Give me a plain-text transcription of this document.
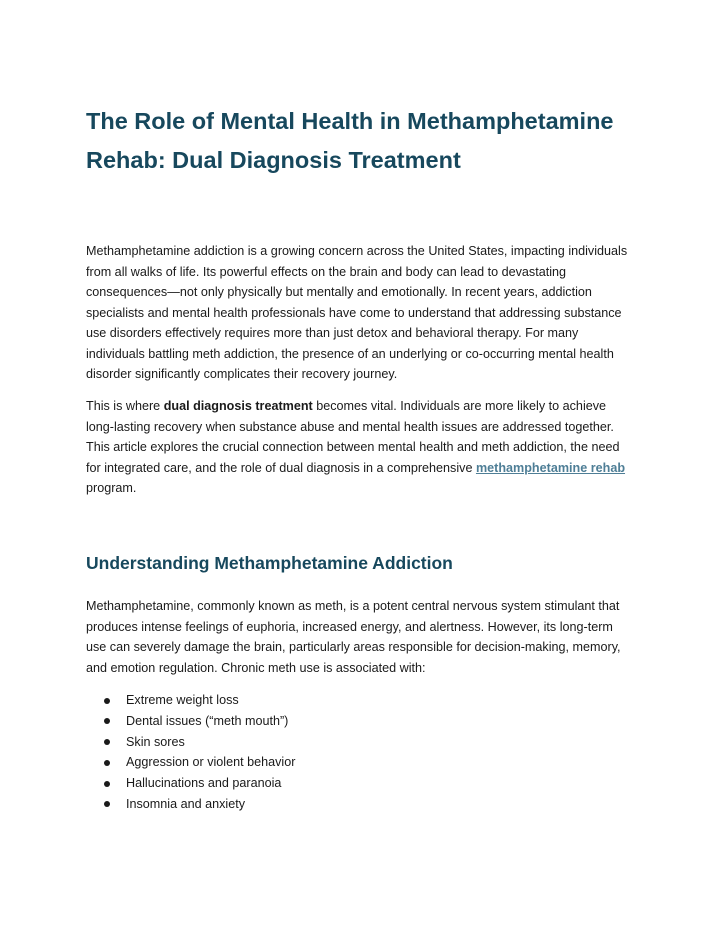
The Role of Mental Health in Methamphetamine Rehab: Dual Diagnosis Treatment

Methamphetamine addiction is a growing concern across the United States, impacting individuals from all walks of life. Its powerful effects on the brain and body can lead to devastating consequences—not only physically but mentally and emotionally. In recent years, addiction specialists and mental health professionals have come to understand that addressing substance use disorders effectively requires more than just detox and behavioral therapy. For many individuals battling meth addiction, the presence of an underlying or co-occurring mental health disorder significantly complicates their recovery journey.

This is where dual diagnosis treatment becomes vital. Individuals are more likely to achieve long-lasting recovery when substance abuse and mental health issues are addressed together. This article explores the crucial connection between mental health and meth addiction, the need for integrated care, and the role of dual diagnosis in a comprehensive methamphetamine rehab program.

Understanding Methamphetamine Addiction

Methamphetamine, commonly known as meth, is a potent central nervous system stimulant that produces intense feelings of euphoria, increased energy, and alertness. However, its long-term use can severely damage the brain, particularly areas responsible for decision-making, memory, and emotion regulation. Chronic meth use is associated with:

Extreme weight loss
Dental issues (“meth mouth”)
Skin sores
Aggression or violent behavior
Hallucinations and paranoia
Insomnia and anxiety
